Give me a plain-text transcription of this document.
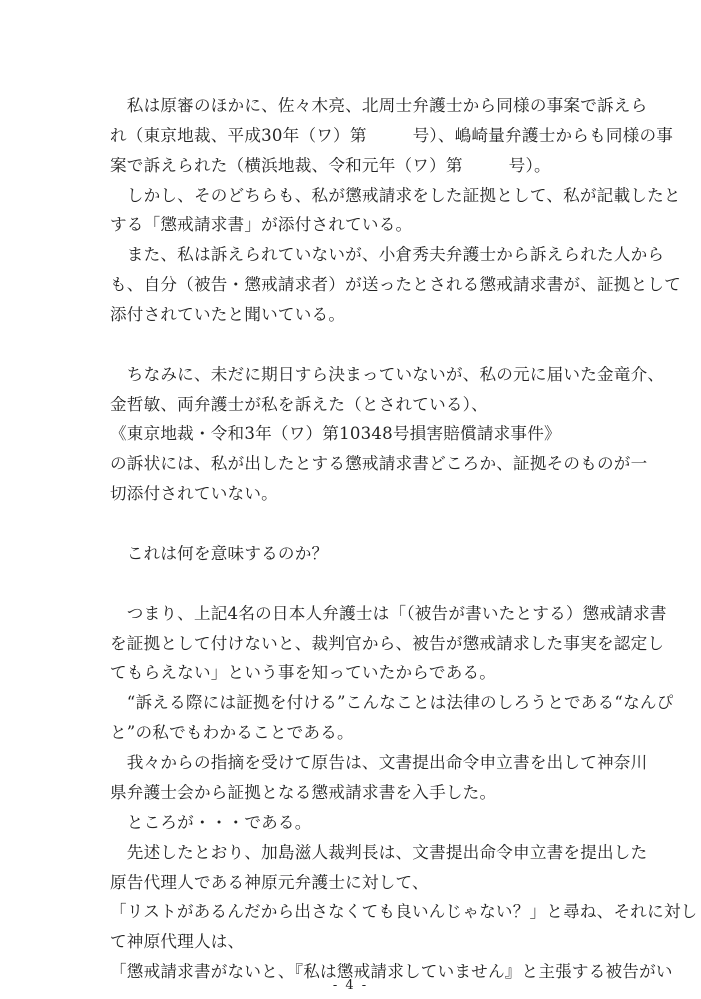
　私は原審のほかに、佐々木亮、北周士弁護士から同様の事案で訴えら
れ（東京地裁、平成30年（ワ）第	号）、嶋崎量弁護士からも同様の事
案で訴えられた（横浜地裁、令和元年（ワ）第	号）。
　しかし、そのどちらも、私が懲戒請求をした証拠として、私が記載したと
する「懲戒請求書」が添付されている。
　また、私は訴えられていないが、小倉秀夫弁護士から訴えられた人から
も、自分（被告・懲戒請求者）が送ったとされる懲戒請求書が、証拠として
添付されていたと聞いている。
　ちなみに、未だに期日すら決まっていないが、私の元に届いた金竜介、
金哲敏、両弁護士が私を訴えた（とされている）、
《東京地裁・令和3年（ワ）第10348号損害賠償請求事件》
の訴状には、私が出したとする懲戒請求書どころか、証拠そのものが一
切添付されていない。
　これは何を意味するのか？
　つまり、上記4名の日本人弁護士は「（被告が書いたとする）懲戒請求書
を証拠として付けないと、裁判官から、被告が懲戒請求した事実を認定し
てもらえない」という事を知っていたからである。
　“訴える際には証拠を付ける”こんなことは法律のしろうとである“なんぴ
と”の私でもわかることである。
　我々からの指摘を受けて原告は、文書提出命令申立書を出して神奈川
県弁護士会から証拠となる懲戒請求書を入手した。
　ところが・・・である。
　先述したとおり、加島滋人裁判長は、文書提出命令申立書を提出した
原告代理人である神原元弁護士に対して、
「リストがあるんだから出さなくても良いんじゃない？」と尋ね、それに対し
て神原代理人は、
「懲戒請求書がないと、『私は懲戒請求していません』と主張する被告がい
- 4 -
